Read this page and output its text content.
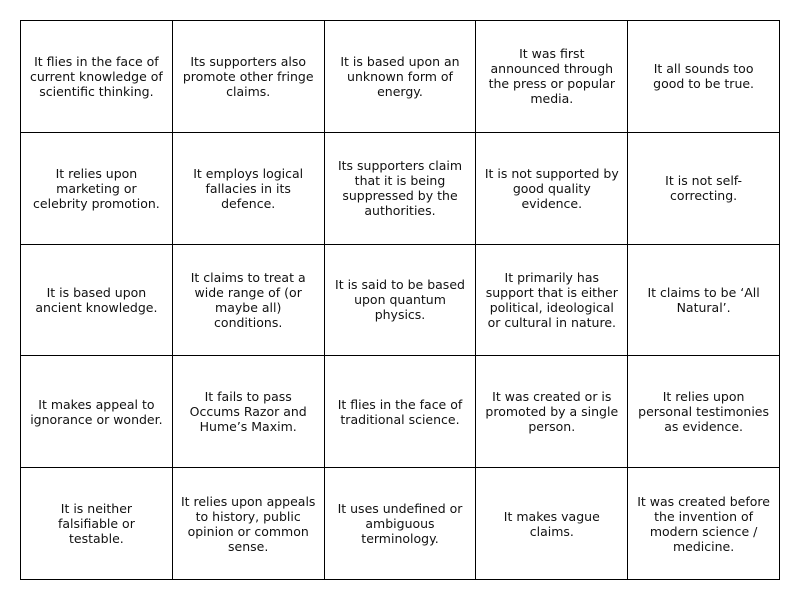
It flies in the face of current knowledge of scientific thinking.
Its supporters also promote other fringe claims.
It is based upon an unknown form of energy.
It was first announced through the press or popular media.
It all sounds too good to be true.
It relies upon marketing or celebrity promotion.
It employs logical fallacies in its defence.
Its supporters claim that it is being suppressed by the authorities.
It is not supported by good quality evidence.
It is not self-correcting.
It is based upon ancient knowledge.
It claims to treat a wide range of (or maybe all) conditions.
It is said to be based upon quantum physics.
It primarily has support that is either political, ideological or cultural in nature.
It claims to be ‘All Natural’.
It makes appeal to ignorance or wonder.
It fails to pass Occums Razor and Hume’s Maxim.
It flies in the face of traditional science.
It was created or is promoted by a single person.
It relies upon personal testimonies as evidence.
It is neither falsifiable or testable.
It relies upon appeals to history, public opinion or common sense.
It uses undefined or ambiguous terminology.
It makes vague claims.
It was created before the invention of modern science / medicine.
